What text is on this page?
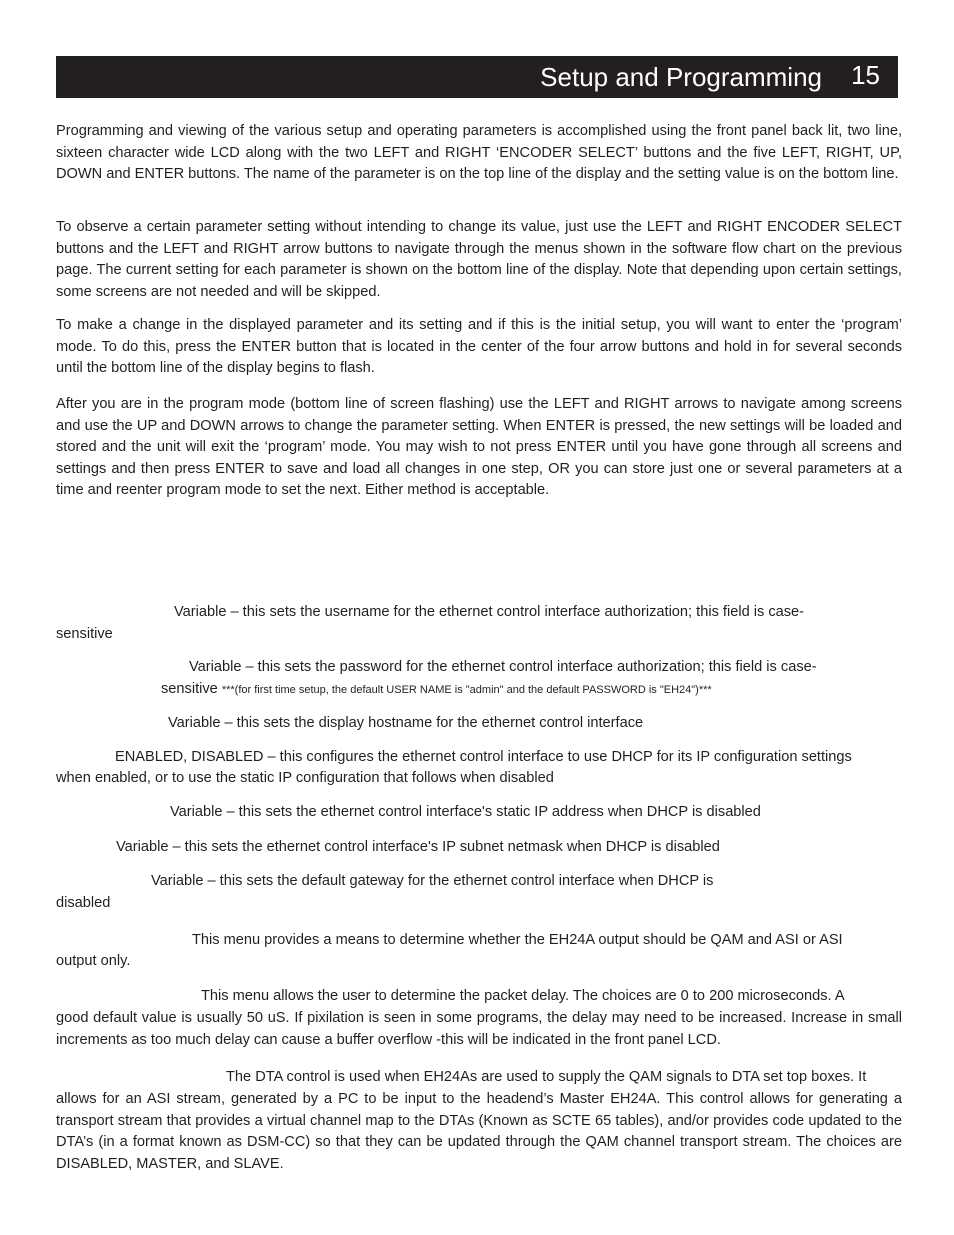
Setup and Programming 15

Programming and viewing of the various setup and operating parameters is accomplished using the front panel back lit, two line, sixteen character wide LCD along with the two LEFT and RIGHT ‘ENCODER SELECT’ buttons and the five LEFT, RIGHT, UP, DOWN and ENTER buttons. The name of the parameter is on the top line of the display and the setting value is on the bottom line.

To observe a certain parameter setting without intending to change its value, just use the LEFT and RIGHT ENCODER SELECT buttons and the LEFT and RIGHT arrow buttons to navigate through the menus shown in the software flow chart on the previous page. The current setting for each parameter is shown on the bottom line of the display. Note that depending upon certain settings, some screens are not needed and will be skipped.

To make a change in the displayed parameter and its setting and if this is the initial setup, you will want to enter the ‘program’ mode. To do this, press the ENTER button that is located in the center of the four arrow buttons and hold in for several seconds until the bottom line of the display begins to flash.

After you are in the program mode (bottom line of screen flashing) use the LEFT and RIGHT arrows to navigate among screens and use the UP and DOWN arrows to change the parameter setting. When ENTER is pressed, the new settings will be loaded and stored and the unit will exit the ‘program’ mode. You may wish to not press ENTER until you have gone through all screens and settings and then press ENTER to save and load all changes in one step, OR you can store just one or several parameters at a time and reenter program mode to set the next. Either method is acceptable.

Variable – this sets the username for the ethernet control interface authorization; this field is case-
sensitive
Variable – this sets the password for the ethernet control interface authorization; this field is case-
sensitive ***(for first time setup, the default USER NAME is "admin" and the default PASSWORD is "EH24")***
Variable – this sets the display hostname for the ethernet control interface
ENABLED, DISABLED – this configures the ethernet control interface to use DHCP for its IP configuration settings
when enabled, or to use the static IP configuration that follows when disabled
Variable – this sets the ethernet control interface's static IP address when DHCP is disabled
Variable – this sets the ethernet control interface's IP subnet netmask when DHCP is disabled
Variable – this sets the default gateway for the ethernet control interface when DHCP is
disabled
This menu provides a means to determine whether the EH24A output should be QAM and ASI or ASI
output only.
This menu allows the user to determine the packet delay. The choices are 0 to 200 microseconds. A

good default value is usually 50 uS. If pixilation is seen in some programs, the delay may need to be increased. Increase in small increments as too much delay can cause a buffer overflow -this will be indicated in the front panel LCD.

The DTA control is used when EH24As are used to supply the QAM signals to DTA set top boxes. It

allows for an ASI stream, generated by a PC to be input to the headend’s Master EH24A. This control allows for generating a transport stream that provides a virtual channel map to the DTAs (Known as SCTE 65 tables), and/or provides code updated to the DTA’s (in a format known as DSM-CC) so that they can be updated through the QAM channel transport stream. The choices are DISABLED, MASTER, and SLAVE.
